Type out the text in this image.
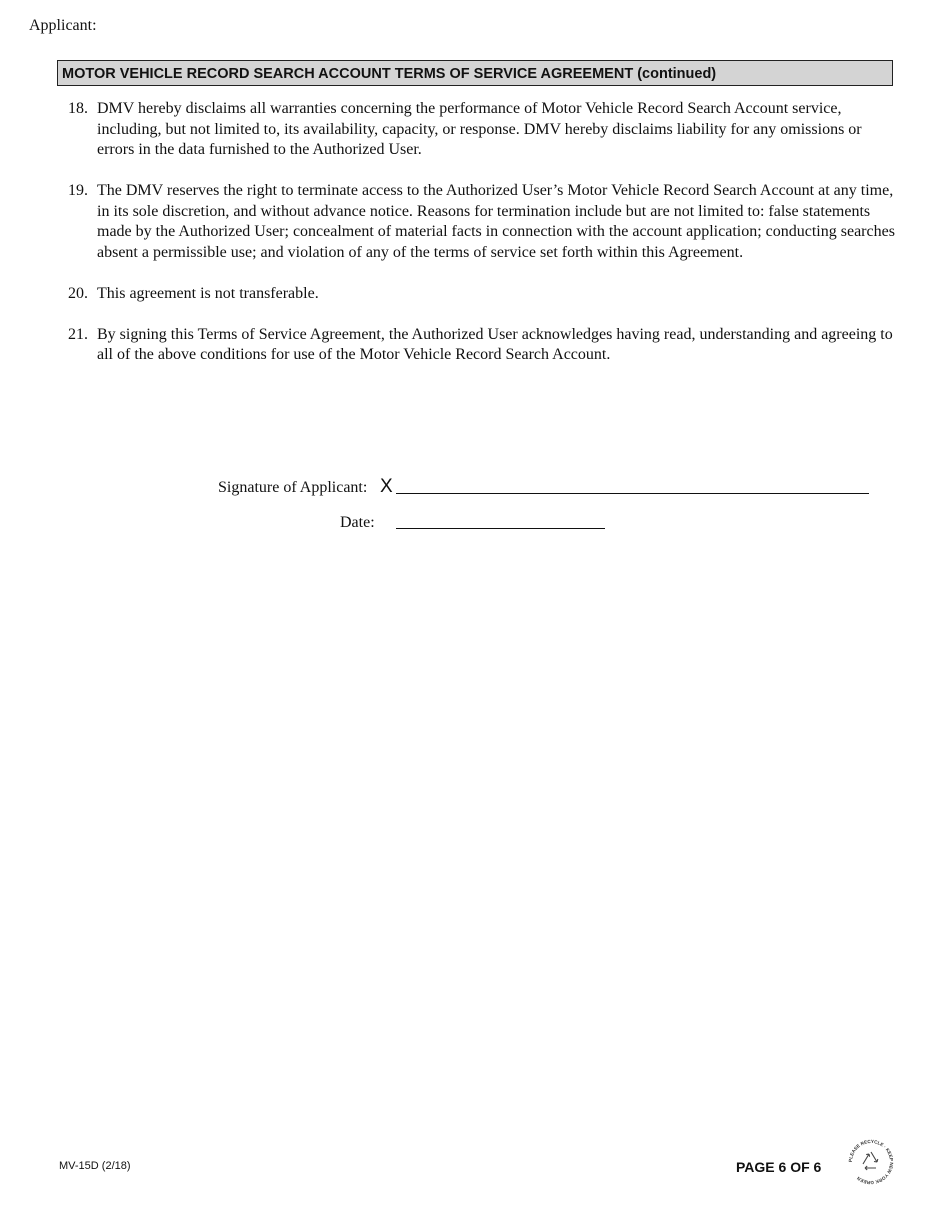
Applicant:
MOTOR VEHICLE RECORD SEARCH ACCOUNT TERMS OF SERVICE AGREEMENT (continued)
18. DMV hereby disclaims all warranties concerning the performance of Motor Vehicle Record Search Account service, including, but not limited to, its availability, capacity, or response. DMV hereby disclaims liability for any omissions or errors in the data furnished to the Authorized User.
19. The DMV reserves the right to terminate access to the Authorized User’s Motor Vehicle Record Search Account at any time, in its sole discretion, and without advance notice. Reasons for termination include but are not limited to: false statements made by the Authorized User; concealment of material facts in connection with the account application; conducting searches absent a permissible use; and violation of any of the terms of service set forth within this Agreement.
20. This agreement is not transferable.
21. By signing this Terms of Service Agreement, the Authorized User acknowledges having read, understanding and agreeing to all of the above conditions for use of the Motor Vehicle Record Search Account.
Signature of Applicant: X
Date:
MV-15D (2/18)	PAGE 6 OF 6	PLEASE RECYCLE · KEEP NEW YORK GREEN
